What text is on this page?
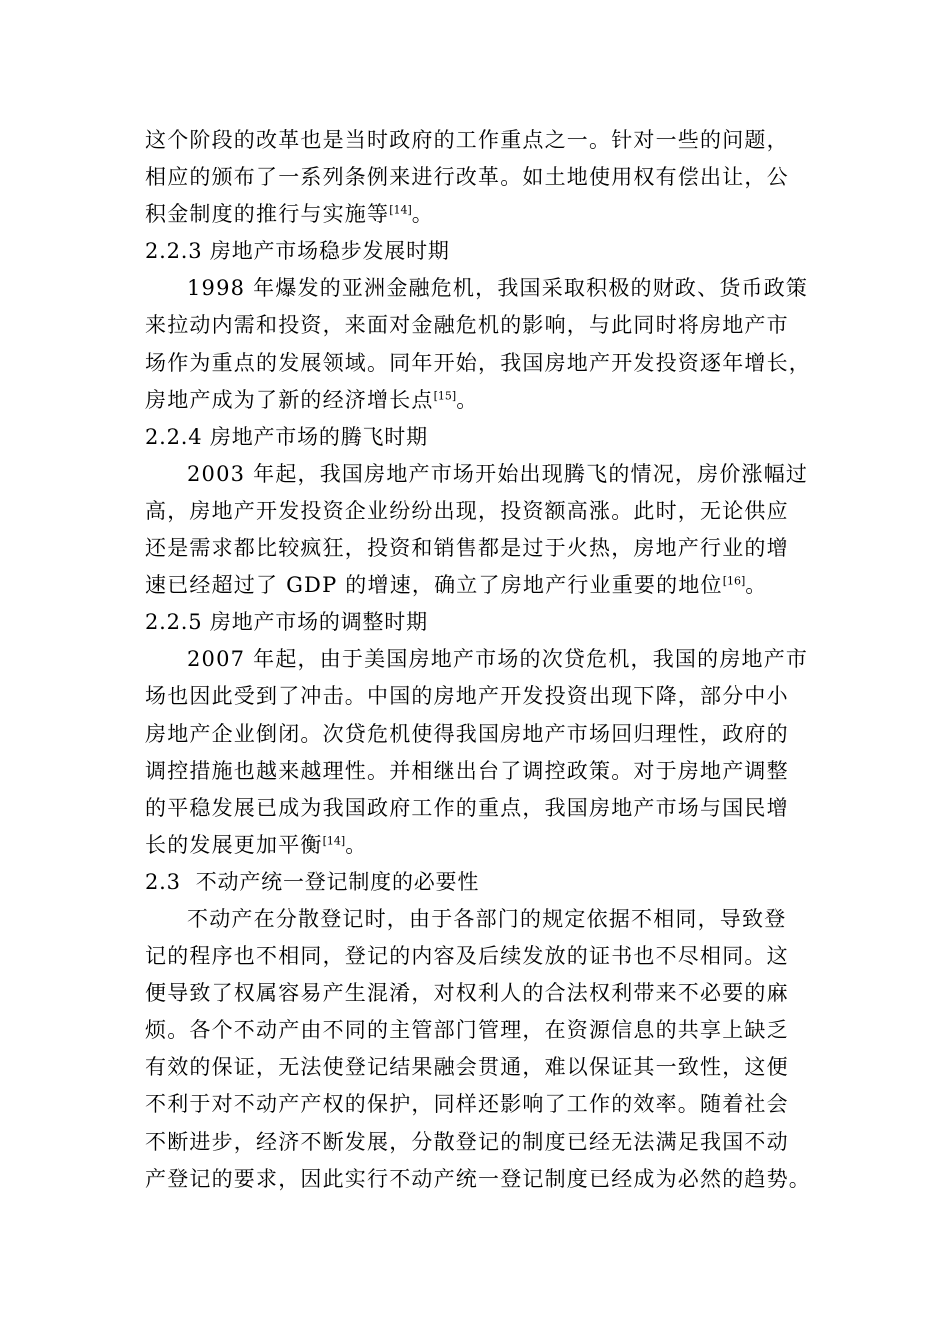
这个阶段的改革也是当时政府的工作重点之一。针对一些的问题，
相应的颁布了一系列条例来进行改革。如土地使用权有偿出让，公
积金制度的推行与实施等[14]。
2.2.3 房地产市场稳步发展时期
1998 年爆发的亚洲金融危机，我国采取积极的财政、货币政策
来拉动内需和投资，来面对金融危机的影响，与此同时将房地产市
场作为重点的发展领域。同年开始，我国房地产开发投资逐年增长，
房地产成为了新的经济增长点[15]。
2.2.4 房地产市场的腾飞时期
2003 年起，我国房地产市场开始出现腾飞的情况，房价涨幅过
高，房地产开发投资企业纷纷出现，投资额高涨。此时，无论供应
还是需求都比较疯狂，投资和销售都是过于火热，房地产行业的增
速已经超过了 GDP 的增速，确立了房地产行业重要的地位[16]。
2.2.5 房地产市场的调整时期
2007 年起，由于美国房地产市场的次贷危机，我国的房地产市
场也因此受到了冲击。中国的房地产开发投资出现下降，部分中小
房地产企业倒闭。次贷危机使得我国房地产市场回归理性，政府的
调控措施也越来越理性。并相继出台了调控政策。对于房地产调整
的平稳发展已成为我国政府工作的重点，我国房地产市场与国民增
长的发展更加平衡[14]。
2.3  不动产统一登记制度的必要性
不动产在分散登记时，由于各部门的规定依据不相同，导致登
记的程序也不相同，登记的内容及后续发放的证书也不尽相同。这
便导致了权属容易产生混淆，对权利人的合法权利带来不必要的麻
烦。各个不动产由不同的主管部门管理，在资源信息的共享上缺乏
有效的保证，无法使登记结果融会贯通，难以保证其一致性，这便
不利于对不动产产权的保护，同样还影响了工作的效率。随着社会
不断进步，经济不断发展，分散登记的制度已经无法满足我国不动
产登记的要求，因此实行不动产统一登记制度已经成为必然的趋势。
